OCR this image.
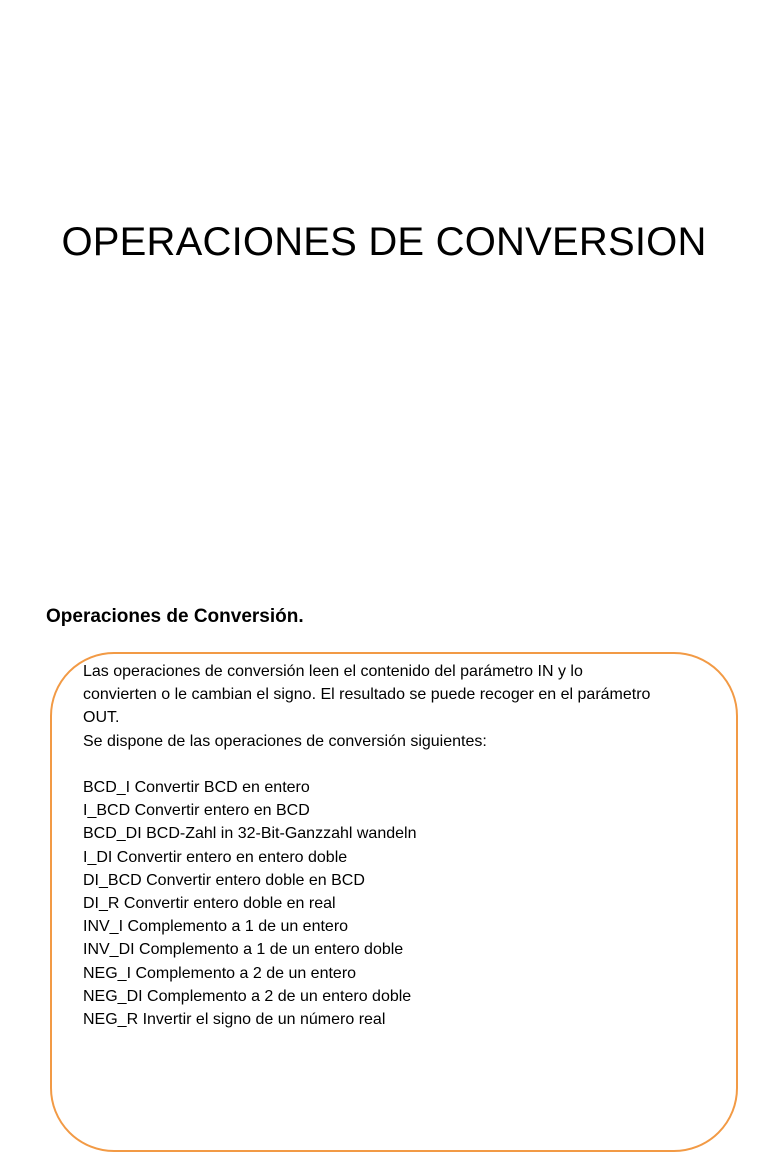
OPERACIONES DE CONVERSION
Operaciones de Conversión.

Las operaciones de conversión leen el contenido del parámetro IN y lo

convierten o le cambian el signo. El resultado se puede recoger en el parámetro

OUT.

Se dispone de las operaciones de conversión siguientes:

BCD_I Convertir BCD en entero
I_BCD Convertir entero en BCD
BCD_DI BCD-Zahl in 32-Bit-Ganzzahl wandeln
I_DI Convertir entero en entero doble
DI_BCD Convertir entero doble en BCD
DI_R Convertir entero doble en real
INV_I Complemento a 1 de un entero
INV_DI Complemento a 1 de un entero doble
NEG_I Complemento a 2 de un entero
NEG_DI Complemento a 2 de un entero doble
NEG_R Invertir el signo de un número real
